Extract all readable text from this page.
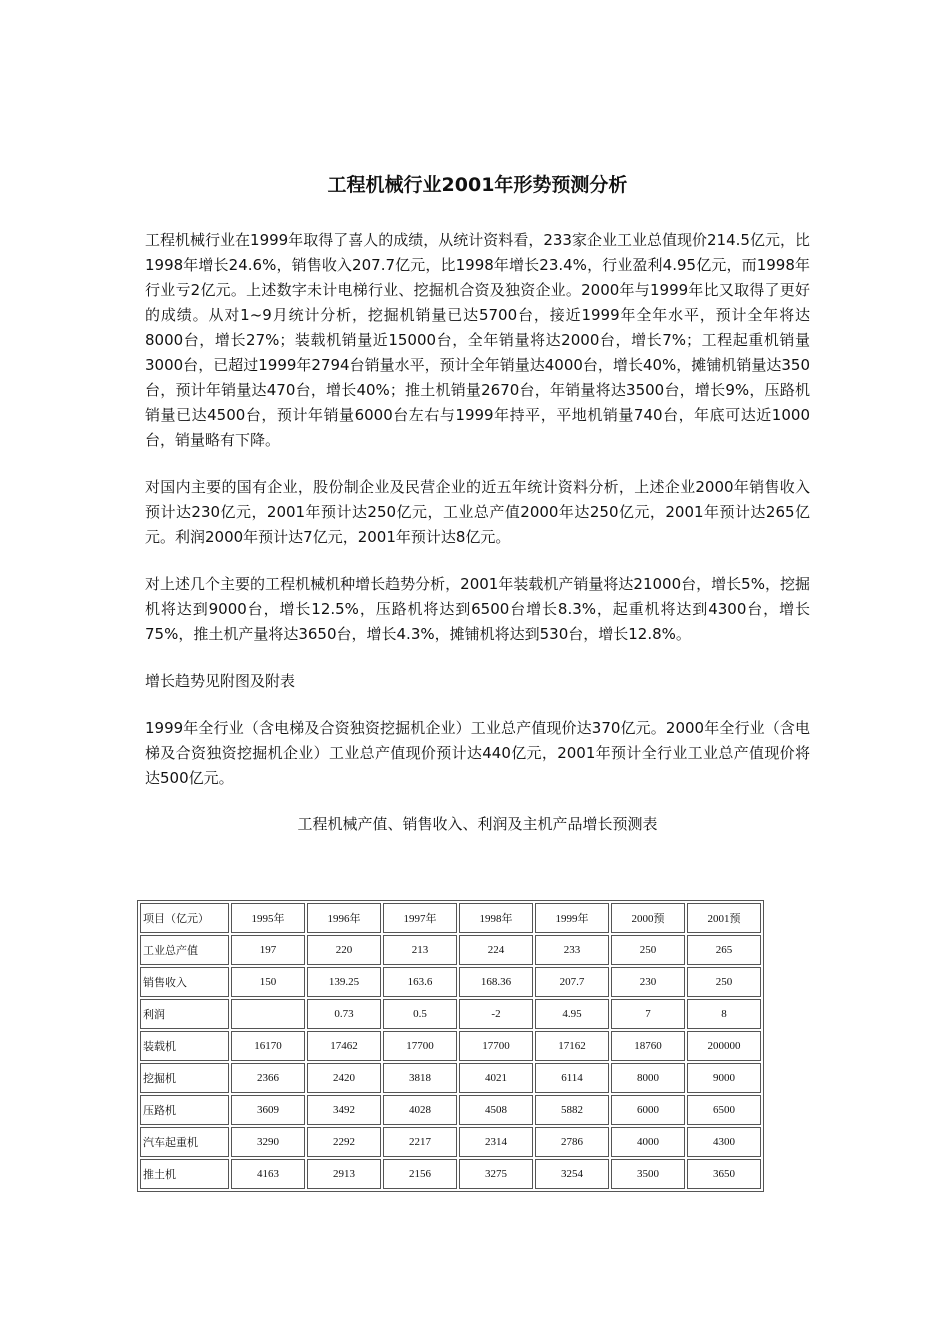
工程机械行业2001年形势预测分析

工程机械行业在1999年取得了喜人的成绩，从统计资料看，233家企业工业总值现价214.5亿元，比1998年增长24.6%，销售收入207.7亿元，比1998年增长23.4%，行业盈利4.95亿元，而1998年行业亏2亿元。上述数字未计电梯行业、挖掘机合资及独资企业。2000年与1999年比又取得了更好的成绩。从对1~9月统计分析，挖掘机销量已达5700台，接近1999年全年水平，预计全年将达8000台，增长27%；装载机销量近15000台，全年销量将达2000台，增长7%；工程起重机销量3000台，已超过1999年2794台销量水平，预计全年销量达4000台，增长40%，摊铺机销量达350台，预计年销量达470台，增长40%；推土机销量2670台，年销量将达3500台，增长9%，压路机销量已达4500台，预计年销量6000台左右与1999年持平，平地机销量740台，年底可达近1000台，销量略有下降。

对国内主要的国有企业，股份制企业及民营企业的近五年统计资料分析，上述企业2000年销售收入预计达230亿元，2001年预计达250亿元，工业总产值2000年达250亿元，2001年预计达265亿元。利润2000年预计达7亿元，2001年预计达8亿元。

对上述几个主要的工程机械机种增长趋势分析，2001年装载机产销量将达21000台，增长5%，挖掘机将达到9000台，增长12.5%，压路机将达到6500台增长8.3%，起重机将达到4300台，增长75%，推土机产量将达3650台，增长4.3%，摊铺机将达到530台，增长12.8%。

增长趋势见附图及附表

1999年全行业（含电梯及合资独资挖掘机企业）工业总产值现价达370亿元。2000年全行业（含电梯及合资独资挖掘机企业）工业总产值现价预计达440亿元，2001年预计全行业工业总产值现价将达500亿元。

工程机械产值、销售收入、利润及主机产品增长预测表
项目（亿元）	1995年	1996年	1997年	1998年	1999年	2000预	2001预
工业总产值	197	220	213	224	233	250	265
销售收入	150	139.25	163.6	168.36	207.7	230	250
利润		0.73	0.5	-2	4.95	7	8
装载机	16170	17462	17700	17700	17162	18760	200000
挖掘机	2366	2420	3818	4021	6114	8000	9000
压路机	3609	3492	4028	4508	5882	6000	6500
汽车起重机	3290	2292	2217	2314	2786	4000	4300
推土机	4163	2913	2156	3275	3254	3500	3650
